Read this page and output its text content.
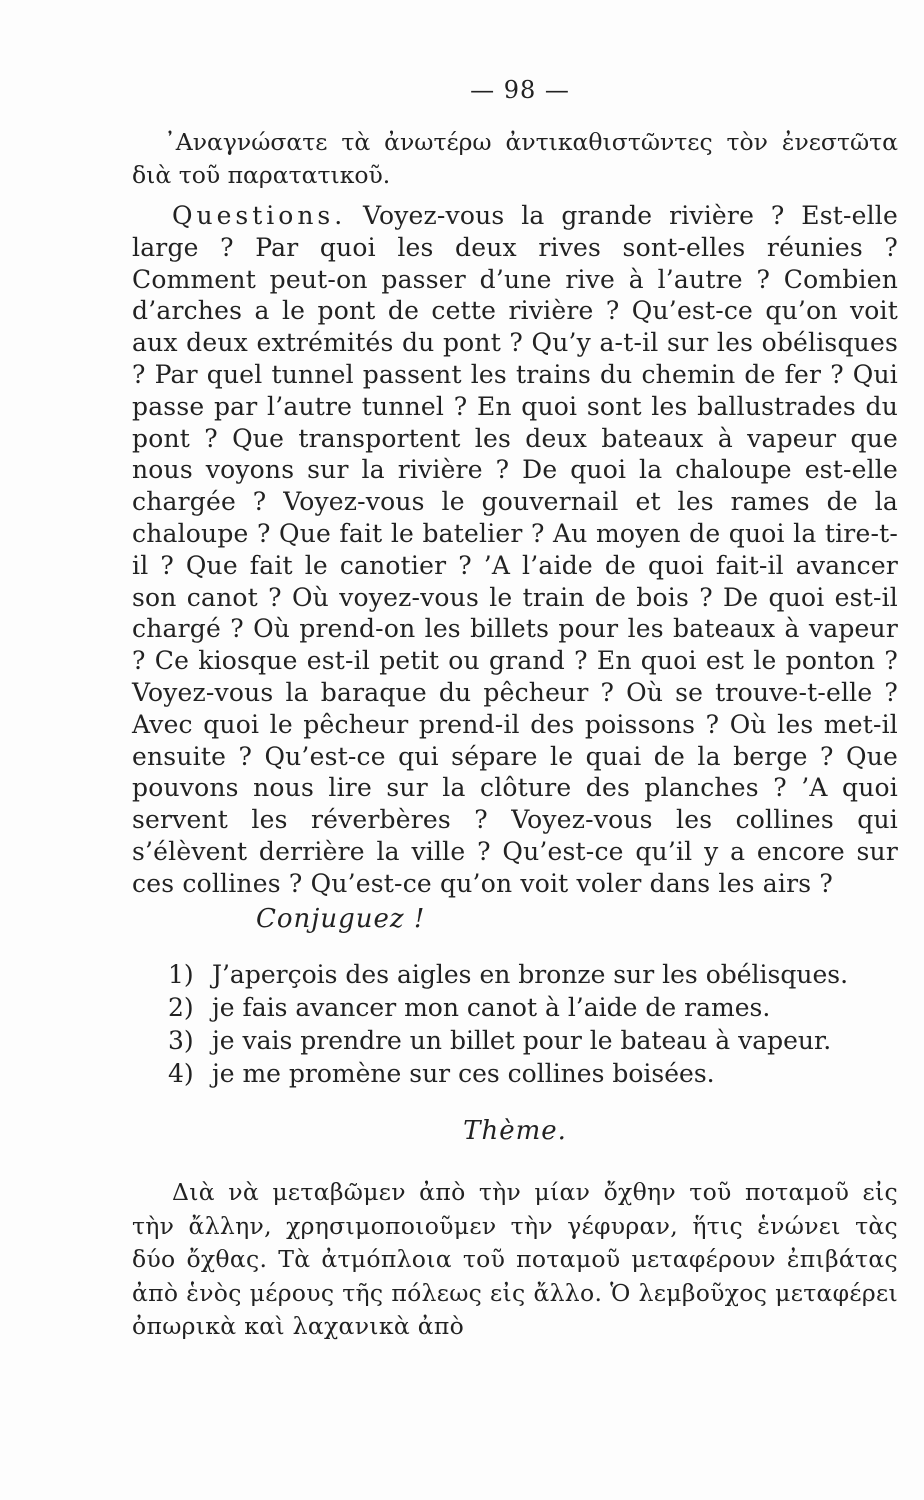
— 98 —

᾿Αναγνώσατε τὰ ἀνωτέρω ἀντικαθιστῶντες τὸν ἐνεστῶτα διὰ τοῦ παρατατικοῦ.

Questions. Voyez-vous la grande rivière ? Est-elle large ? Par quoi les deux rives sont-elles réunies ? Comment peut-on passer d’une rive à l’autre ? Combien d’arches a le pont de cette rivière ? Qu’est-ce qu’on voit aux deux extrémités du pont ? Qu’y a-t-il sur les obélisques ? Par quel tunnel passent les trains du chemin de fer ? Qui passe par l’autre tunnel ? En quoi sont les ballustrades du pont ? Que transportent les deux bateaux à vapeur que nous voyons sur la rivière ? De quoi la chaloupe est-elle chargée ? Voyez-vous le gouvernail et les rames de la chaloupe ? Que fait le batelier ? Au moyen de quoi la tire-t-il ? Que fait le canotier ? ’A l’aide de quoi fait-il avancer son canot ? Où voyez-vous le train de bois ? De quoi est-il chargé ? Où prend-on les billets pour les bateaux à vapeur ? Ce kiosque est-il petit ou grand ? En quoi est le ponton ? Voyez-vous la baraque du pêcheur ? Où se trouve-t-elle ? Avec quoi le pêcheur prend-il des poissons ? Où les met-il ensuite ? Qu’est-ce qui sépare le quai de la berge ? Que pouvons nous lire sur la clôture des planches ? ’A quoi servent les réverbères ? Voyez-vous les collines qui s’élèvent derrière la ville ? Qu’est-ce qu’il y a encore sur ces collines ? Qu’est-ce qu’on voit voler dans les airs ?

Conjuguez !
1) J’aperçois des aigles en bronze sur les obélisques.
2) je fais avancer mon canot à l’aide de rames.
3) je vais prendre un billet pour le bateau à vapeur.
4) je me promène sur ces collines boisées.
Thème.

Διὰ νὰ μεταβῶμεν ἀπὸ τὴν μίαν ὄχθην τοῦ ποταμοῦ εἰς τὴν ἄλλην, χρησιμοποιοῦμεν τὴν γέφυραν, ἥτις ἑνώνει τὰς δύο ὄχθας. Τὰ ἀτμόπλοια τοῦ ποταμοῦ μεταφέρουν ἐπιβάτας ἀπὸ ἑνὸς μέρους τῆς πόλεως εἰς ἄλλο. Ὁ λεμβοῦχος μεταφέρει ὀπωρικὰ καὶ λαχανικὰ ἀπὸ
